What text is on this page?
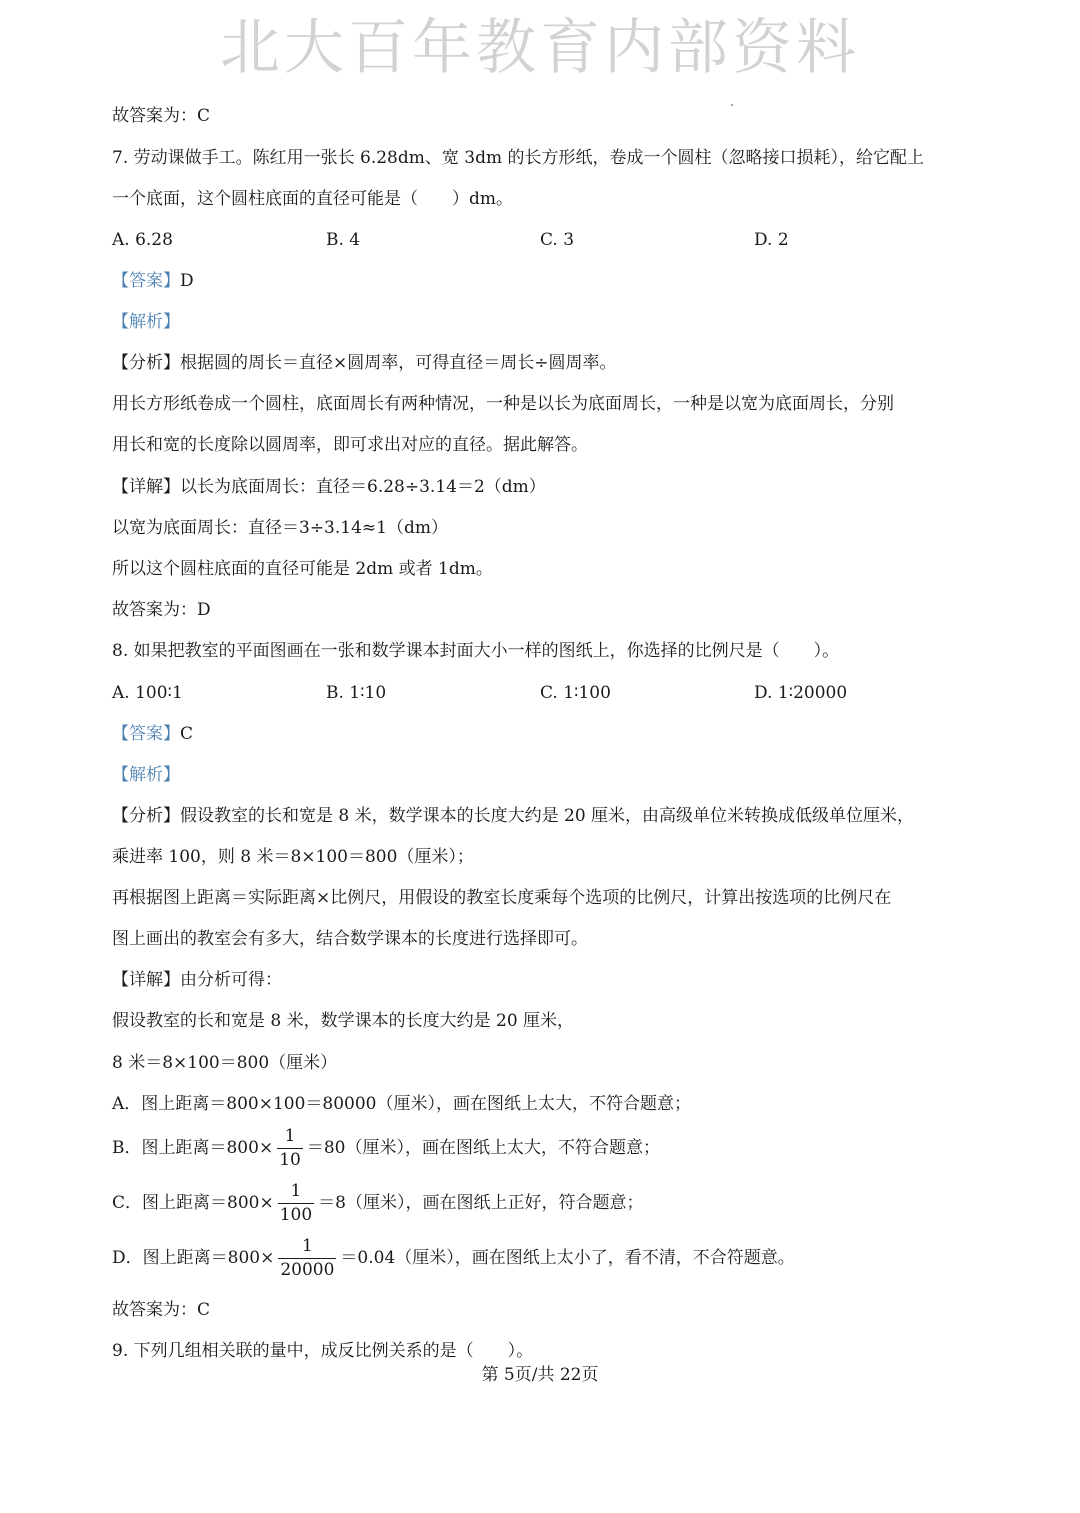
北大百年教育内部资料
故答案为：C
7. 劳动课做手工。陈红用一张长 6.28dm、宽 3dm 的长方形纸，卷成一个圆柱（忽略接口损耗），给它配上
一个底面，这个圆柱底面的直径可能是（　　）dm。
A. 6.28	B. 4	C. 3	D. 2
【答案】D
【解析】
【分析】根据圆的周长＝直径×圆周率，可得直径＝周长÷圆周率。
用长方形纸卷成一个圆柱，底面周长有两种情况，一种是以长为底面周长，一种是以宽为底面周长，分别
用长和宽的长度除以圆周率，即可求出对应的直径。据此解答。
【详解】以长为底面周长：直径＝6.28÷3.14＝2（dm）
以宽为底面周长：直径＝3÷3.14≈1（dm）
所以这个圆柱底面的直径可能是 2dm 或者 1dm。
故答案为：D
8. 如果把教室的平面图画在一张和数学课本封面大小一样的图纸上，你选择的比例尺是（　　）。
A. 100∶1	B. 1∶10	C. 1∶100	D. 1∶20000
【答案】C
【解析】
【分析】假设教室的长和宽是 8 米，数学课本的长度大约是 20 厘米，由高级单位米转换成低级单位厘米，
乘进率 100，则 8 米＝8×100＝800（厘米）；
再根据图上距离＝实际距离×比例尺，用假设的教室长度乘每个选项的比例尺，计算出按选项的比例尺在
图上画出的教室会有多大，结合数学课本的长度进行选择即可。
【详解】由分析可得：
假设教室的长和宽是 8 米，数学课本的长度大约是 20 厘米，
8 米＝8×100＝800（厘米）
A．图上距离＝800×100＝80000（厘米），画在图纸上太大，不符合题意；
B．图上距离$=800\times \frac{1}{10} =80$（厘米），画在图纸上太大，不符合题意；
C．图上距离$=800\times \frac{1}{100} =8$（厘米），画在图纸上正好，符合题意；
D．图上距离$=800\times \frac{1}{20000} =0.04$（厘米），画在图纸上太小了，看不清，不合符题意。
故答案为：C
9. 下列几组相关联的量中，成反比例关系的是（　　）。
第 5页/共 22页
